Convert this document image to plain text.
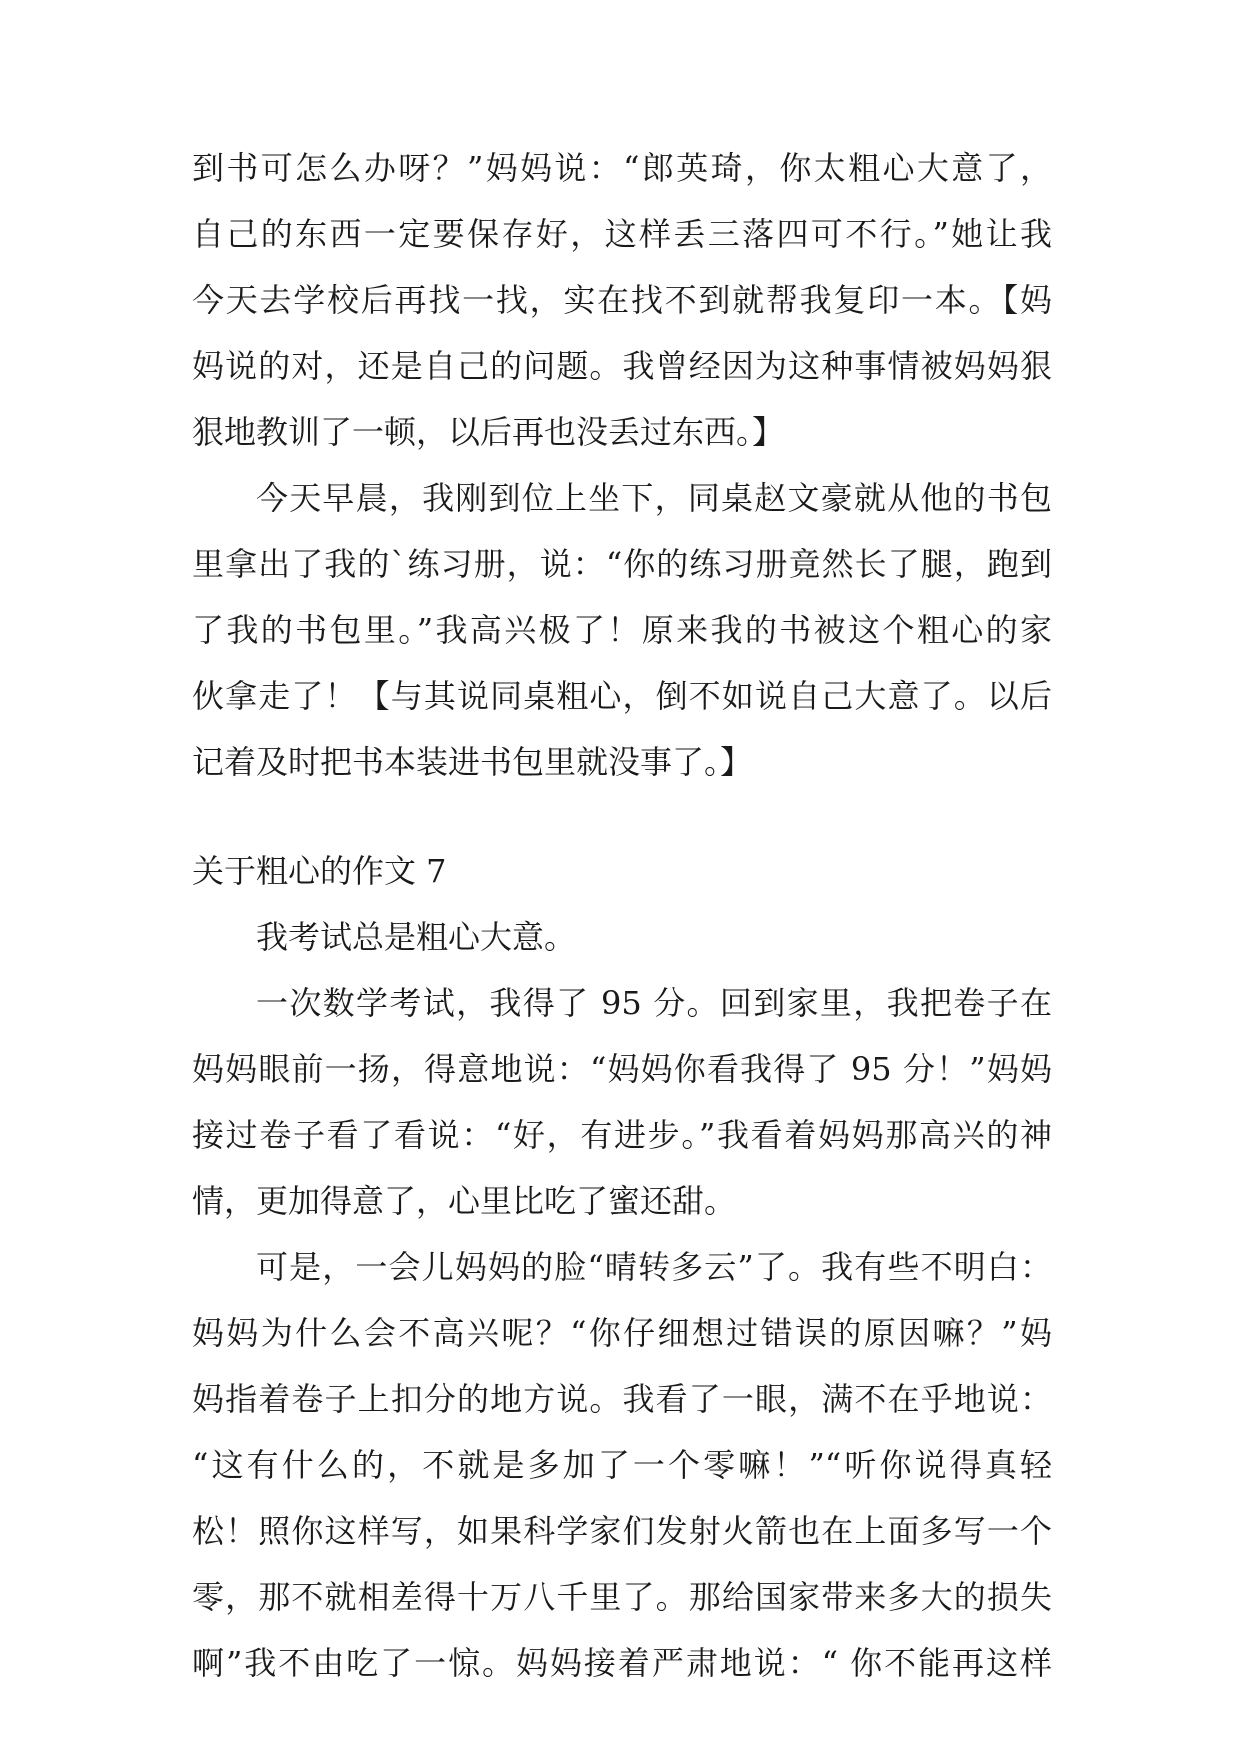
到书可怎么办呀？”妈妈说：“郎英琦，你太粗心大意了，
自己的东西一定要保存好，这样丢三落四可不行。”她让我
今天去学校后再找一找，实在找不到就帮我复印一本。【妈
妈说的对，还是自己的问题。我曾经因为这种事情被妈妈狠
狠地教训了一顿，以后再也没丢过东西。】
今天早晨，我刚到位上坐下，同桌赵文豪就从他的书包
里拿出了我的`练习册，说：“你的练习册竟然长了腿，跑到
了我的书包里。”我高兴极了！原来我的书被这个粗心的家
伙拿走了！【与其说同桌粗心，倒不如说自己大意了。以后
记着及时把书本装进书包里就没事了。】
关于粗心的作文 7
我考试总是粗心大意。
一次数学考试，我得了 95 分。回到家里，我把卷子在
妈妈眼前一扬，得意地说：“妈妈你看我得了 95 分！”妈妈
接过卷子看了看说：“好，有进步。”我看着妈妈那高兴的神
情，更加得意了，心里比吃了蜜还甜。
可是，一会儿妈妈的脸“晴转多云”了。我有些不明白：
妈妈为什么会不高兴呢？“你仔细想过错误的原因嘛？”妈
妈指着卷子上扣分的地方说。我看了一眼，满不在乎地说：
“这有什么的，不就是多加了一个零嘛！”“听你说得真轻
松！照你这样写，如果科学家们发射火箭也在上面多写一个
零，那不就相差得十万八千里了。那给国家带来多大的损失
啊”我不由吃了一惊。妈妈接着严肃地说：“ 你不能再这样
